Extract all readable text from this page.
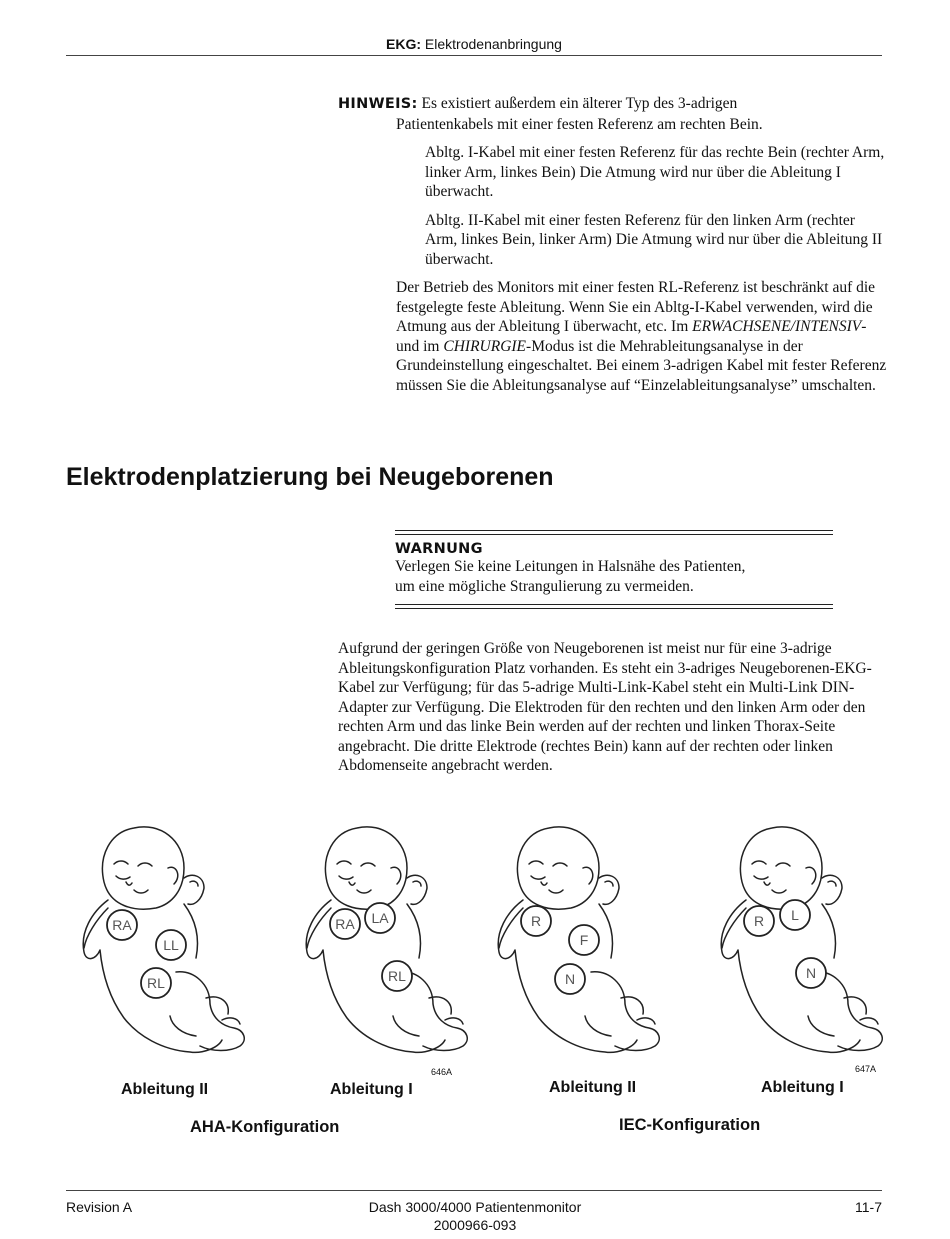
EKG: Elektrodenanbringung

HINWEIS: Es existiert außerdem ein älterer Typ des 3-adrigen

Patientenkabels mit einer festen Referenz am rechten Bein.

Abltg. I-Kabel mit einer festen Referenz für das rechte Bein (rechter Arm, linker Arm, linkes Bein) Die Atmung wird nur über die Ableitung I überwacht.

Abltg. II-Kabel mit einer festen Referenz für den linken Arm (rechter Arm, linkes Bein, linker Arm) Die Atmung wird nur über die Ableitung II überwacht.

Der Betrieb des Monitors mit einer festen RL-Referenz ist beschränkt auf die festgelegte feste Ableitung. Wenn Sie ein Abltg-I-Kabel verwenden, wird die Atmung aus der Ableitung I überwacht, etc. Im ERWACHSENE/INTENSIV- und im CHIRURGIE-Modus ist die Mehrableitungsanalyse in der Grundeinstellung eingeschaltet. Bei einem 3-adrigen Kabel mit fester Referenz müssen Sie die Ableitungsanalyse auf “Einzelableitungsanalyse” umschalten.

Elektrodenplatzierung bei Neugeborenen
WARNUNG

Verlegen Sie keine Leitungen in Halsnähe des Patienten,
um eine mögliche Strangulierung zu vermeiden.

Aufgrund der geringen Größe von Neugeborenen ist meist nur für eine 3-adrige Ableitungskonfiguration Platz vorhanden. Es steht ein 3-adriges Neugeborenen-EKG-Kabel zur Verfügung; für das 5-adrige Multi-Link-Kabel steht ein Multi-Link DIN-Adapter zur Verfügung. Die Elektroden für den rechten und den linken Arm oder den rechten Arm und das linke Bein werden auf der rechten und linken Thorax-Seite angebracht. Die dritte Elektrode (rechtes Bein) kann auf der rechten oder linken Abdomenseite angebracht werden.

RA
LL
RL
RA LA
RL
R
F
N
R L
N
646A	647A
Ableitung II	Ableitung I	Ableitung II	Ableitung I
AHA-Konfiguration	IEC-Konfiguration
Revision A	Dash 3000/4000 Patientenmonitor
2000966-093
11-7
